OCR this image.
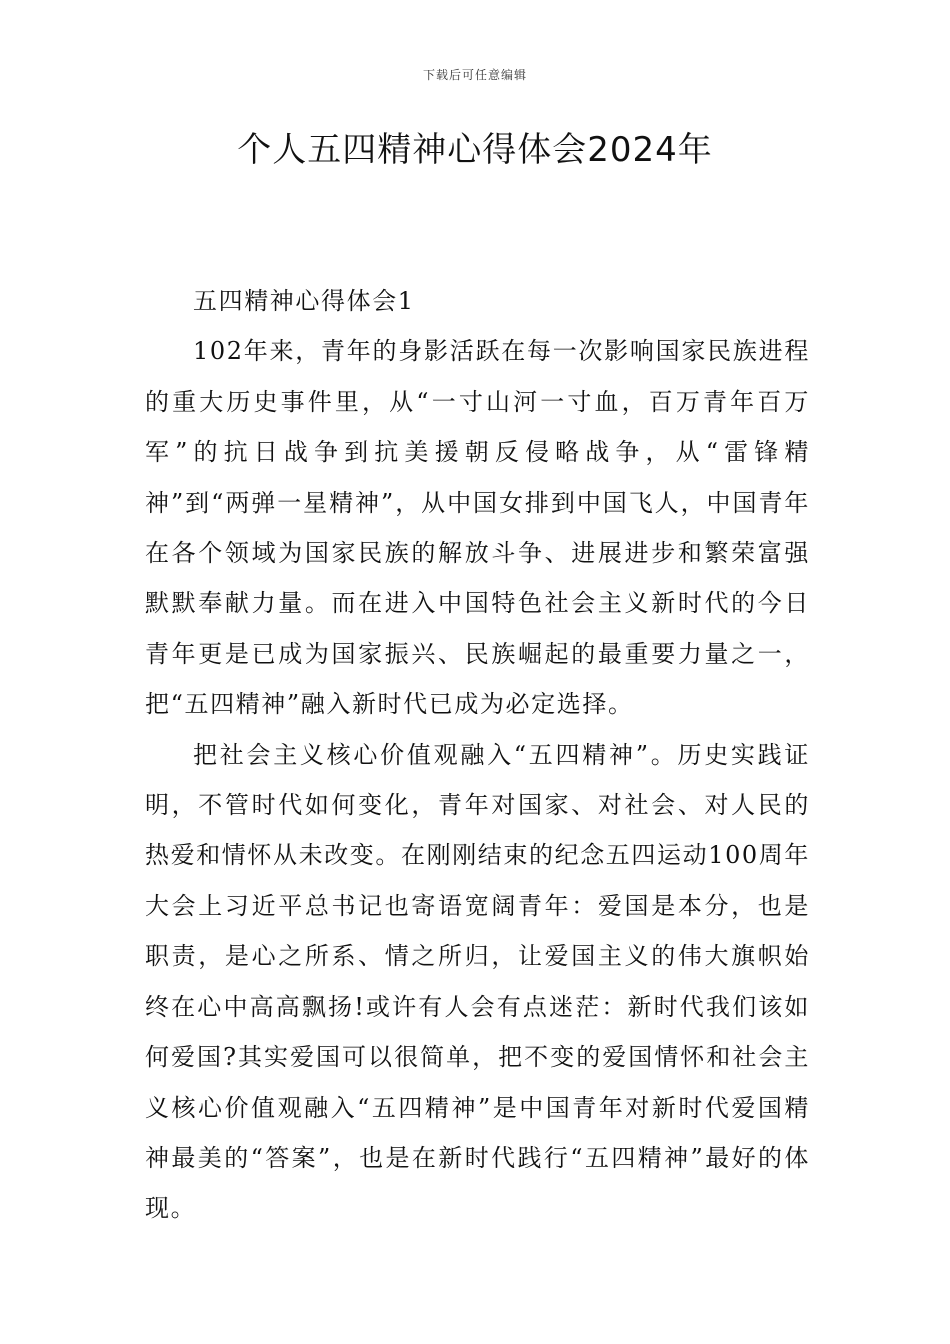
下载后可任意编辑
个人五四精神心得体会2024年

五四精神心得体会1

102年来，青年的身影活跃在每一次影响国家民族进程的重大历史事件里，从“一寸山河一寸血，百万青年百万军”的抗日战争到抗美援朝反侵略战争，从“雷锋精神”到“两弹一星精神”，从中国女排到中国飞人，中国青年在各个领域为国家民族的解放斗争、进展进步和繁荣富强默默奉献力量。而在进入中国特色社会主义新时代的今日青年更是已成为国家振兴、民族崛起的最重要力量之一，把“五四精神”融入新时代已成为必定选择。

把社会主义核心价值观融入“五四精神”。历史实践证明，不管时代如何变化，青年对国家、对社会、对人民的热爱和情怀从未改变。在刚刚结束的纪念五四运动100周年大会上习近平总书记也寄语宽阔青年：爱国是本分，也是职责，是心之所系、情之所归，让爱国主义的伟大旗帜始终在心中高高飘扬!或许有人会有点迷茫：新时代我们该如何爱国?其实爱国可以很简单，把不变的爱国情怀和社会主义核心价值观融入“五四精神”是中国青年对新时代爱国精神最美的“答案”，也是在新时代践行“五四精神”最好的体现。
